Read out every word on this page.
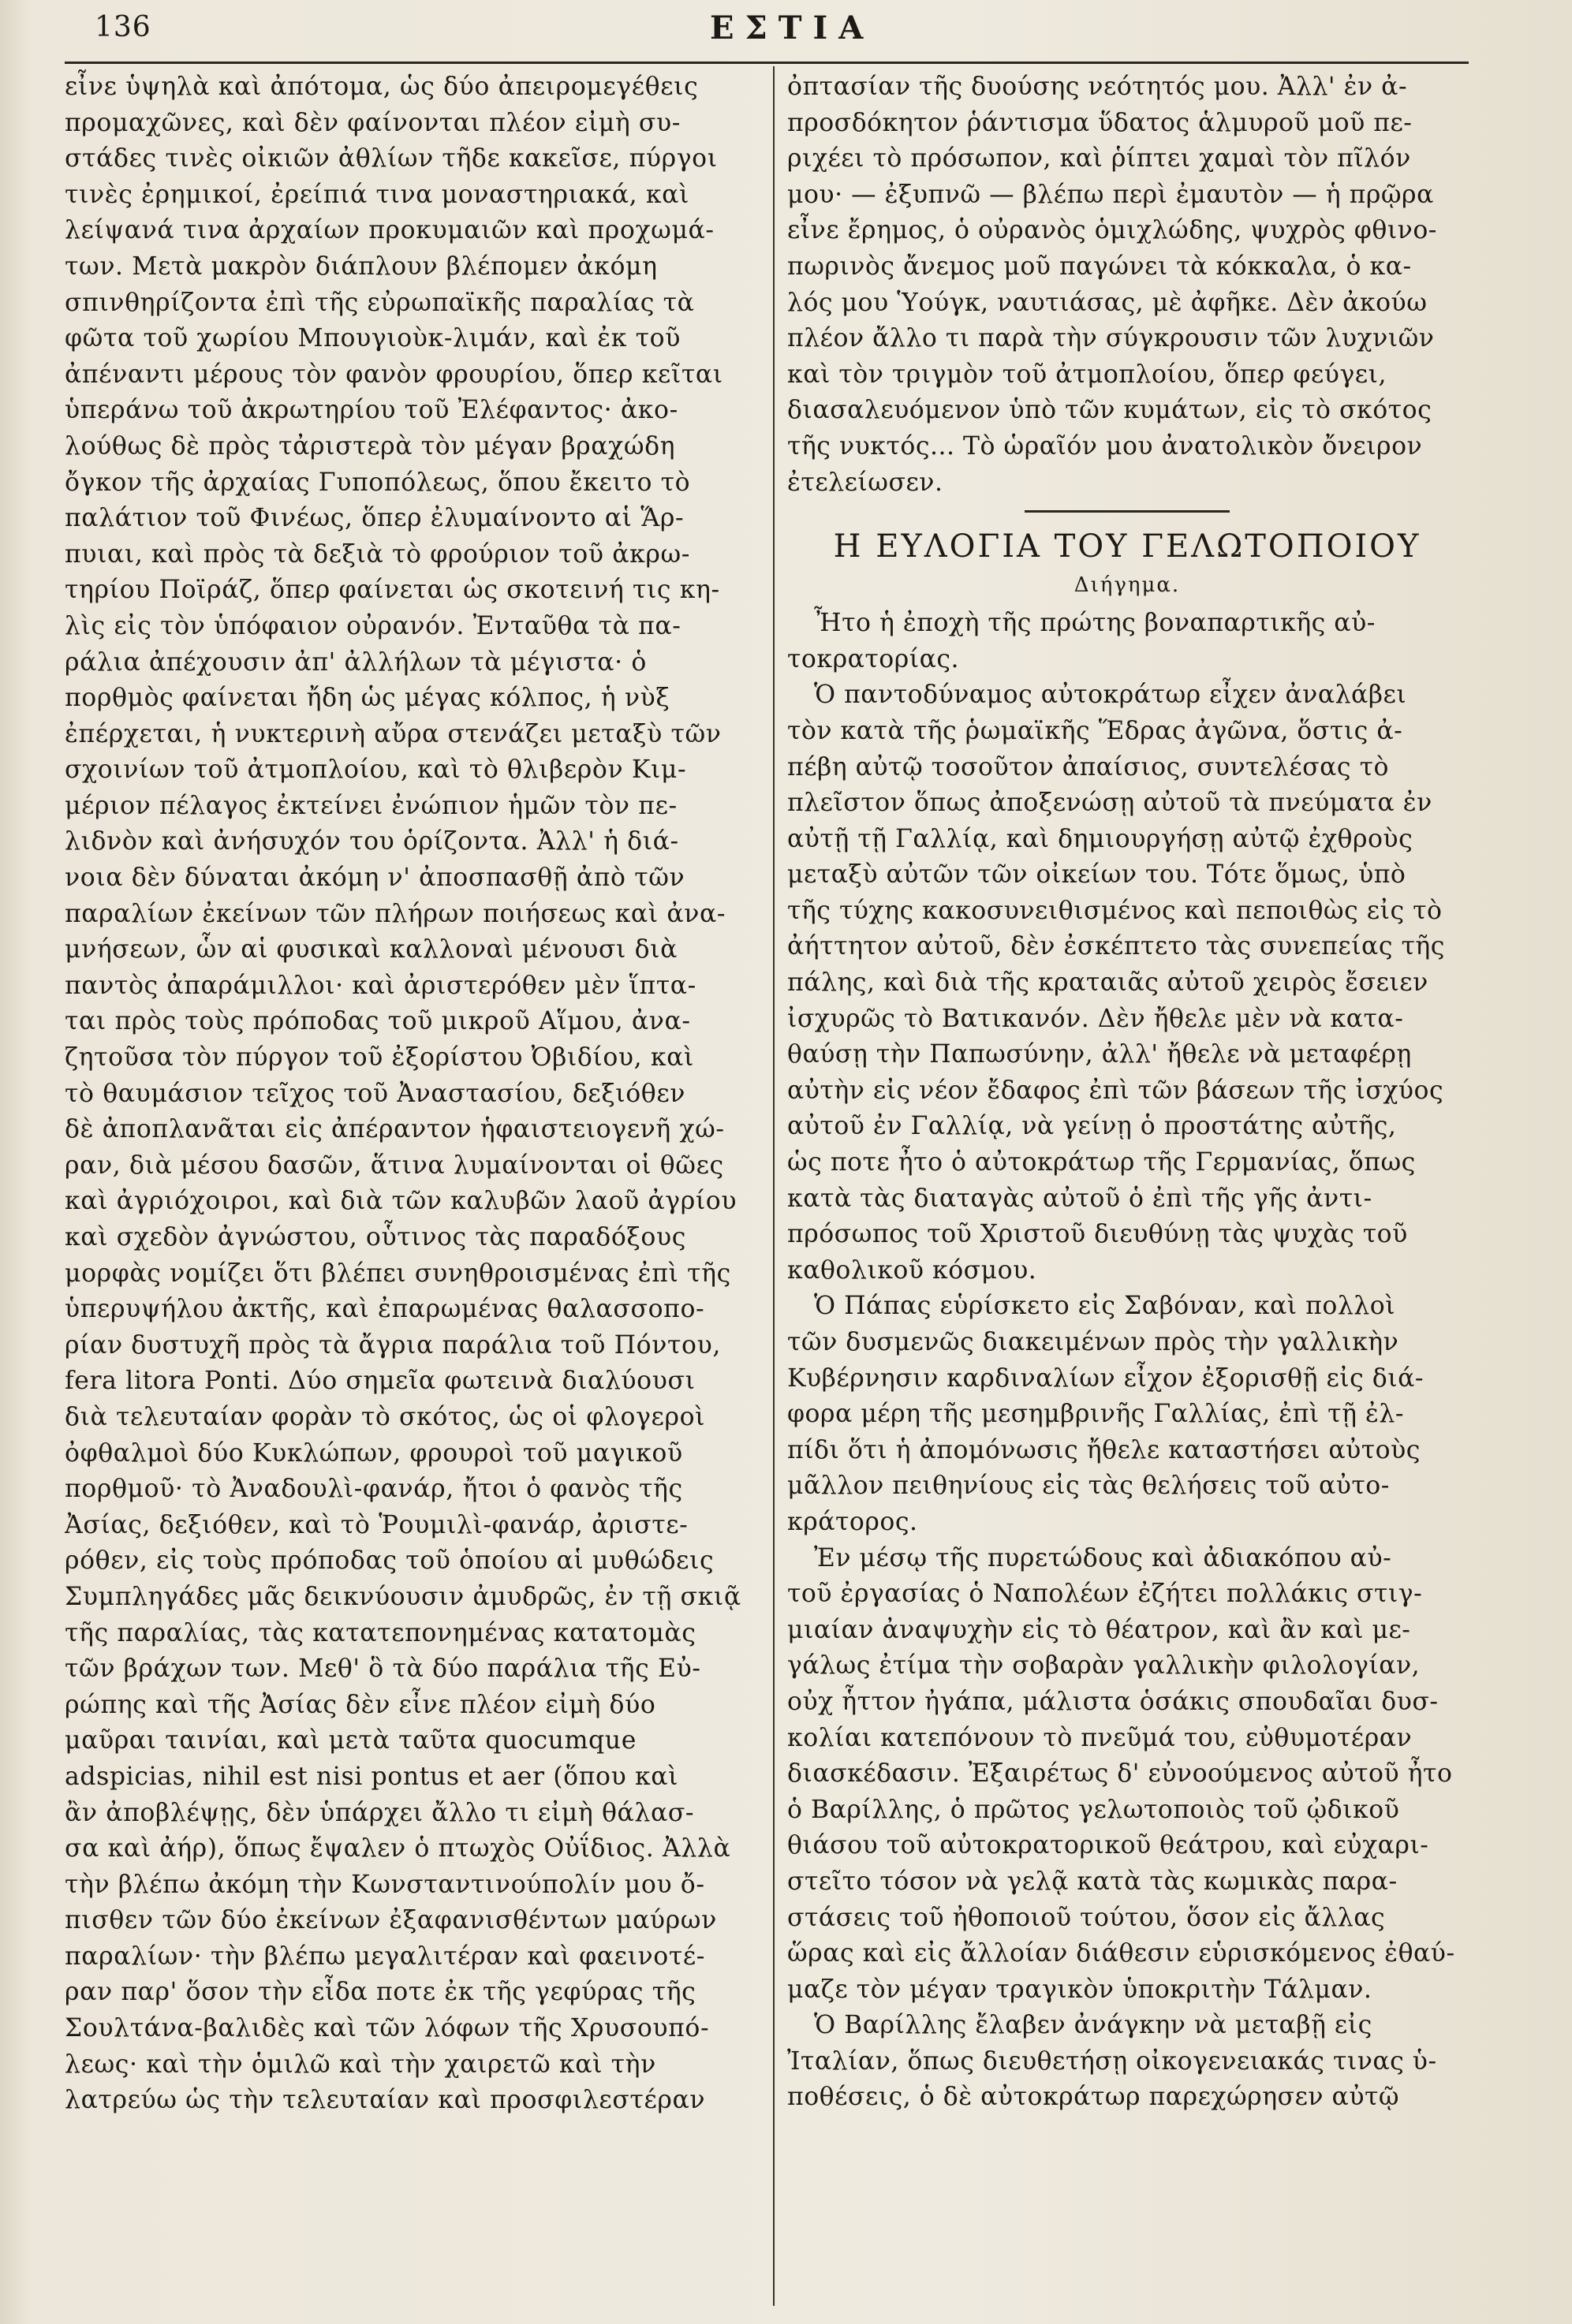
136	ΕΣΤΙΑ
εἶνε ὑψηλὰ καὶ ἀπότομα, ὡς δύο ἀπειρομεγέθεις
προμαχῶνες, καὶ δὲν φαίνονται πλέον εἰμὴ συ-
στάδες τινὲς οἰκιῶν ἀθλίων τῆδε κακεῖσε, πύργοι
τινὲς ἐρημικοί, ἐρείπιά τινα μοναστηριακά, καὶ
λείψανά τινα ἀρχαίων προκυμαιῶν καὶ προχωμά-
των. Μετὰ μακρὸν διάπλουν βλέπομεν ἀκόμη
σπινθηρίζοντα ἐπὶ τῆς εὐρωπαϊκῆς παραλίας τὰ
φῶτα τοῦ χωρίου Μπουγιοὺκ-λιμάν, καὶ ἐκ τοῦ
ἀπέναντι μέρους τὸν φανὸν φρουρίου, ὅπερ κεῖται
ὑπεράνω τοῦ ἀκρωτηρίου τοῦ Ἐλέφαντος· ἀκο-
λούθως δὲ πρὸς τἀριστερὰ τὸν μέγαν βραχώδη
ὄγκον τῆς ἀρχαίας Γυποπόλεως, ὅπου ἔκειτο τὸ
παλάτιον τοῦ Φινέως, ὅπερ ἐλυμαίνοντο αἱ Ἅρ-
πυιαι, καὶ πρὸς τὰ δεξιὰ τὸ φρούριον τοῦ ἀκρω-
τηρίου Ποϊράζ, ὅπερ φαίνεται ὡς σκοτεινή τις κη-
λὶς εἰς τὸν ὑπόφαιον οὐρανόν. Ἐνταῦθα τὰ πα-
ράλια ἀπέχουσιν ἀπ' ἀλλήλων τὰ μέγιστα· ὁ
πορθμὸς φαίνεται ἤδη ὡς μέγας κόλπος, ἡ νὺξ
ἐπέρχεται, ἡ νυκτερινὴ αὔρα στενάζει μεταξὺ τῶν
σχοινίων τοῦ ἀτμοπλοίου, καὶ τὸ θλιβερὸν Κιμ-
μέριον πέλαγος ἐκτείνει ἐνώπιον ἡμῶν τὸν πε-
λιδνὸν καὶ ἀνήσυχόν του ὁρίζοντα. Ἀλλ' ἡ διά-
νοια δὲν δύναται ἀκόμη ν' ἀποσπασθῇ ἀπὸ τῶν
παραλίων ἐκείνων τῶν πλήρων ποιήσεως καὶ ἀνα-
μνήσεων, ὧν αἱ φυσικαὶ καλλοναὶ μένουσι διὰ
παντὸς ἀπαράμιλλοι· καὶ ἀριστερόθεν μὲν ἵπτα-
ται πρὸς τοὺς πρόποδας τοῦ μικροῦ Αἵμου, ἀνα-
ζητοῦσα τὸν πύργον τοῦ ἐξορίστου Ὀβιδίου, καὶ
τὸ θαυμάσιον τεῖχος τοῦ Ἀναστασίου, δεξιόθεν
δὲ ἀποπλανᾶται εἰς ἀπέραντον ἡφαιστειογενῆ χώ-
ραν, διὰ μέσου δασῶν, ἅτινα λυμαίνονται οἱ θῶες
καὶ ἀγριόχοιροι, καὶ διὰ τῶν καλυβῶν λαοῦ ἀγρίου
καὶ σχεδὸν ἀγνώστου, οὗτινος τὰς παραδόξους
μορφὰς νομίζει ὅτι βλέπει συνηθροισμένας ἐπὶ τῆς
ὑπερυψήλου ἀκτῆς, καὶ ἐπαρωμένας θαλασσοπο-
ρίαν δυστυχῆ πρὸς τὰ ἄγρια παράλια τοῦ Πόντου,
fera litora Ponti. Δύο σημεῖα φωτεινὰ διαλύουσι
διὰ τελευταίαν φορὰν τὸ σκότος, ὡς οἱ φλογεροὶ
ὀφθαλμοὶ δύο Κυκλώπων, φρουροὶ τοῦ μαγικοῦ
πορθμοῦ· τὸ Ἀναδουλὶ-φανάρ, ἤτοι ὁ φανὸς τῆς
Ἀσίας, δεξιόθεν, καὶ τὸ Ῥουμιλὶ-φανάρ, ἀριστε-
ρόθεν, εἰς τοὺς πρόποδας τοῦ ὁποίου αἱ μυθώδεις
Συμπληγάδες μᾶς δεικνύουσιν ἀμυδρῶς, ἐν τῇ σκιᾷ
τῆς παραλίας, τὰς κατατεπονημένας κατατομὰς
τῶν βράχων των. Μεθ' ὃ τὰ δύο παράλια τῆς Εὐ-
ρώπης καὶ τῆς Ἀσίας δὲν εἶνε πλέον εἰμὴ δύο
μαῦραι ταινίαι, καὶ μετὰ ταῦτα quocumque
adspicias, nihil est nisi pontus et aer (ὅπου καὶ
ἂν ἀποβλέψῃς, δὲν ὑπάρχει ἄλλο τι εἰμὴ θάλασ-
σα καὶ ἀήρ), ὅπως ἔψαλεν ὁ πτωχὸς Οὐΐδιος. Ἀλλὰ
τὴν βλέπω ἀκόμη τὴν Κωνσταντινούπολίν μου ὄ-
πισθεν τῶν δύο ἐκείνων ἐξαφανισθέντων μαύρων
παραλίων· τὴν βλέπω μεγαλιτέραν καὶ φαεινοτέ-
ραν παρ' ὅσον τὴν εἶδα ποτε ἐκ τῆς γεφύρας τῆς
Σουλτάνα-βαλιδὲς καὶ τῶν λόφων τῆς Χρυσουπό-
λεως· καὶ τὴν ὁμιλῶ καὶ τὴν χαιρετῶ καὶ τὴν
λατρεύω ὡς τὴν τελευταίαν καὶ προσφιλεστέραν
ὀπτασίαν τῆς δυούσης νεότητός μου. Ἀλλ' ἐν ἀ-
προσδόκητον ῥάντισμα ὕδατος ἁλμυροῦ μοῦ πε-
ριχέει τὸ πρόσωπον, καὶ ῥίπτει χαμαὶ τὸν πῖλόν
μου· — ἐξυπνῶ — βλέπω περὶ ἐμαυτὸν — ἡ πρῷρα
εἶνε ἔρημος, ὁ οὐρανὸς ὁμιχλώδης, ψυχρὸς φθινο-
πωρινὸς ἄνεμος μοῦ παγώνει τὰ κόκκαλα, ὁ κα-
λός μου Ὑούγκ, ναυτιάσας, μὲ ἀφῆκε. Δὲν ἀκούω
πλέον ἄλλο τι παρὰ τὴν σύγκρουσιν τῶν λυχνιῶν
καὶ τὸν τριγμὸν τοῦ ἀτμοπλοίου, ὅπερ φεύγει,
διασαλευόμενον ὑπὸ τῶν κυμάτων, εἰς τὸ σκότος
τῆς νυκτός... Τὸ ὡραῖόν μου ἀνατολικὸν ὄνειρον
ἐτελείωσεν.
Η ΕΥΛΟΓΙΑ ΤΟΥ ΓΕΛΩΤΟΠΟΙΟΥ
Διήγημα.
Ἦτο ἡ ἐποχὴ τῆς πρώτης βοναπαρτικῆς αὐ-
τοκρατορίας.
Ὁ παντοδύναμος αὐτοκράτωρ εἶχεν ἀναλάβει
τὸν κατὰ τῆς ῥωμαϊκῆς Ἕδρας ἀγῶνα, ὅστις ἀ-
πέβη αὐτῷ τοσοῦτον ἀπαίσιος, συντελέσας τὸ
πλεῖστον ὅπως ἀποξενώσῃ αὐτοῦ τὰ πνεύματα ἐν
αὐτῇ τῇ Γαλλίᾳ, καὶ δημιουργήσῃ αὐτῷ ἐχθροὺς
μεταξὺ αὐτῶν τῶν οἰκείων του. Τότε ὅμως, ὑπὸ
τῆς τύχης κακοσυνειθισμένος καὶ πεποιθὼς εἰς τὸ
ἀήττητον αὐτοῦ, δὲν ἐσκέπτετο τὰς συνεπείας τῆς
πάλης, καὶ διὰ τῆς κραταιᾶς αὐτοῦ χειρὸς ἔσειεν
ἰσχυρῶς τὸ Βατικανόν. Δὲν ἤθελε μὲν νὰ κατα-
θαύσῃ τὴν Παπωσύνην, ἀλλ' ἤθελε νὰ μεταφέρῃ
αὐτὴν εἰς νέον ἔδαφος ἐπὶ τῶν βάσεων τῆς ἰσχύος
αὐτοῦ ἐν Γαλλίᾳ, νὰ γείνῃ ὁ προστάτης αὐτῆς,
ὡς ποτε ἦτο ὁ αὐτοκράτωρ τῆς Γερμανίας, ὅπως
κατὰ τὰς διαταγὰς αὐτοῦ ὁ ἐπὶ τῆς γῆς ἀντι-
πρόσωπος τοῦ Χριστοῦ διευθύνῃ τὰς ψυχὰς τοῦ
καθολικοῦ κόσμου.
Ὁ Πάπας εὑρίσκετο εἰς Σαβόναν, καὶ πολλοὶ
τῶν δυσμενῶς διακειμένων πρὸς τὴν γαλλικὴν
Κυβέρνησιν καρδιναλίων εἶχον ἐξορισθῇ εἰς διά-
φορα μέρη τῆς μεσημβρινῆς Γαλλίας, ἐπὶ τῇ ἐλ-
πίδι ὅτι ἡ ἀπομόνωσις ἤθελε καταστήσει αὐτοὺς
μᾶλλον πειθηνίους εἰς τὰς θελήσεις τοῦ αὐτο-
κράτορος.
Ἐν μέσῳ τῆς πυρετώδους καὶ ἀδιακόπου αὐ-
τοῦ ἐργασίας ὁ Ναπολέων ἐζήτει πολλάκις στιγ-
μιαίαν ἀναψυχὴν εἰς τὸ θέατρον, καὶ ἂν καὶ με-
γάλως ἐτίμα τὴν σοβαρὰν γαλλικὴν φιλολογίαν,
οὐχ ἧττον ἠγάπα, μάλιστα ὁσάκις σπουδαῖαι δυσ-
κολίαι κατεπόνουν τὸ πνεῦμά του, εὐθυμοτέραν
διασκέδασιν. Ἐξαιρέτως δ' εὐνοούμενος αὐτοῦ ἦτο
ὁ Βαρίλλης, ὁ πρῶτος γελωτοποιὸς τοῦ ᾠδικοῦ
θιάσου τοῦ αὐτοκρατορικοῦ θεάτρου, καὶ εὐχαρι-
στεῖτο τόσον νὰ γελᾷ κατὰ τὰς κωμικὰς παρα-
στάσεις τοῦ ἠθοποιοῦ τούτου, ὅσον εἰς ἄλλας
ὥρας καὶ εἰς ἄλλοίαν διάθεσιν εὑρισκόμενος ἐθαύ-
μαζε τὸν μέγαν τραγικὸν ὑποκριτὴν Τάλμαν.
Ὁ Βαρίλλης ἔλαβεν ἀνάγκην νὰ μεταβῇ εἰς
Ἰταλίαν, ὅπως διευθετήσῃ οἰκογενειακάς τινας ὑ-
ποθέσεις, ὁ δὲ αὐτοκράτωρ παρεχώρησεν αὐτῷ
